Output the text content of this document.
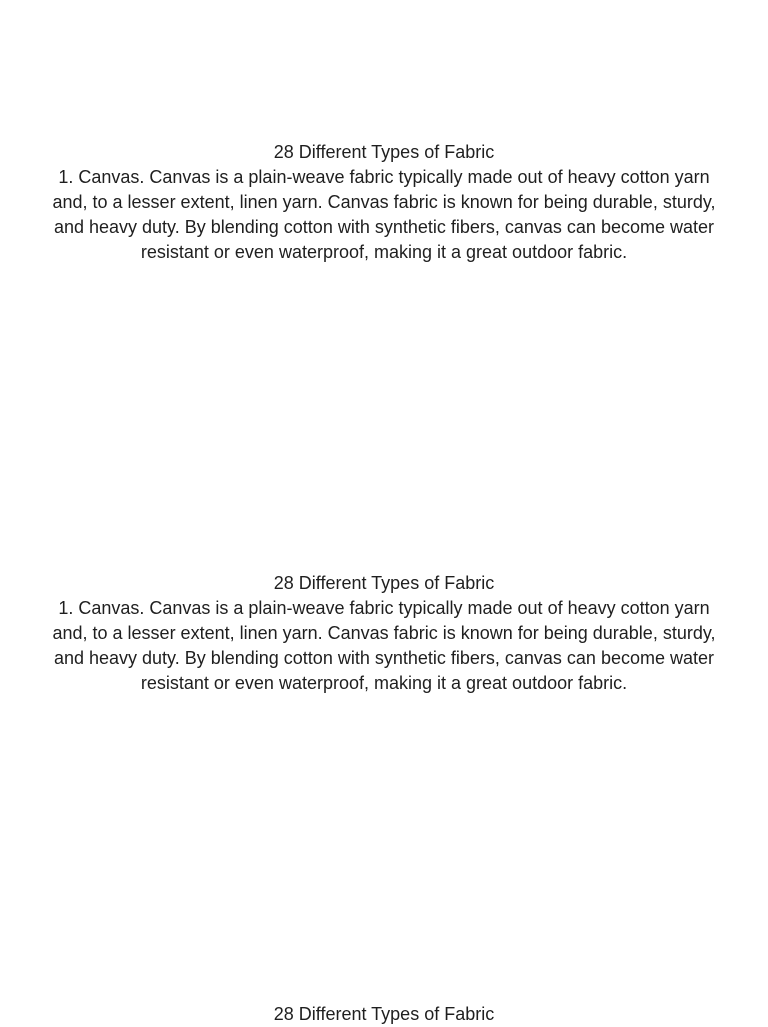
28 Different Types of Fabric
1. Canvas. Canvas is a plain-weave fabric typically made out of heavy cotton yarn and, to a lesser extent, linen yarn. Canvas fabric is known for being durable, sturdy, and heavy duty. By blending cotton with synthetic fibers, canvas can become water resistant or even waterproof, making it a great outdoor fabric.
28 Different Types of Fabric
1. Canvas. Canvas is a plain-weave fabric typically made out of heavy cotton yarn and, to a lesser extent, linen yarn. Canvas fabric is known for being durable, sturdy, and heavy duty. By blending cotton with synthetic fibers, canvas can become water resistant or even waterproof, making it a great outdoor fabric.
28 Different Types of Fabric
